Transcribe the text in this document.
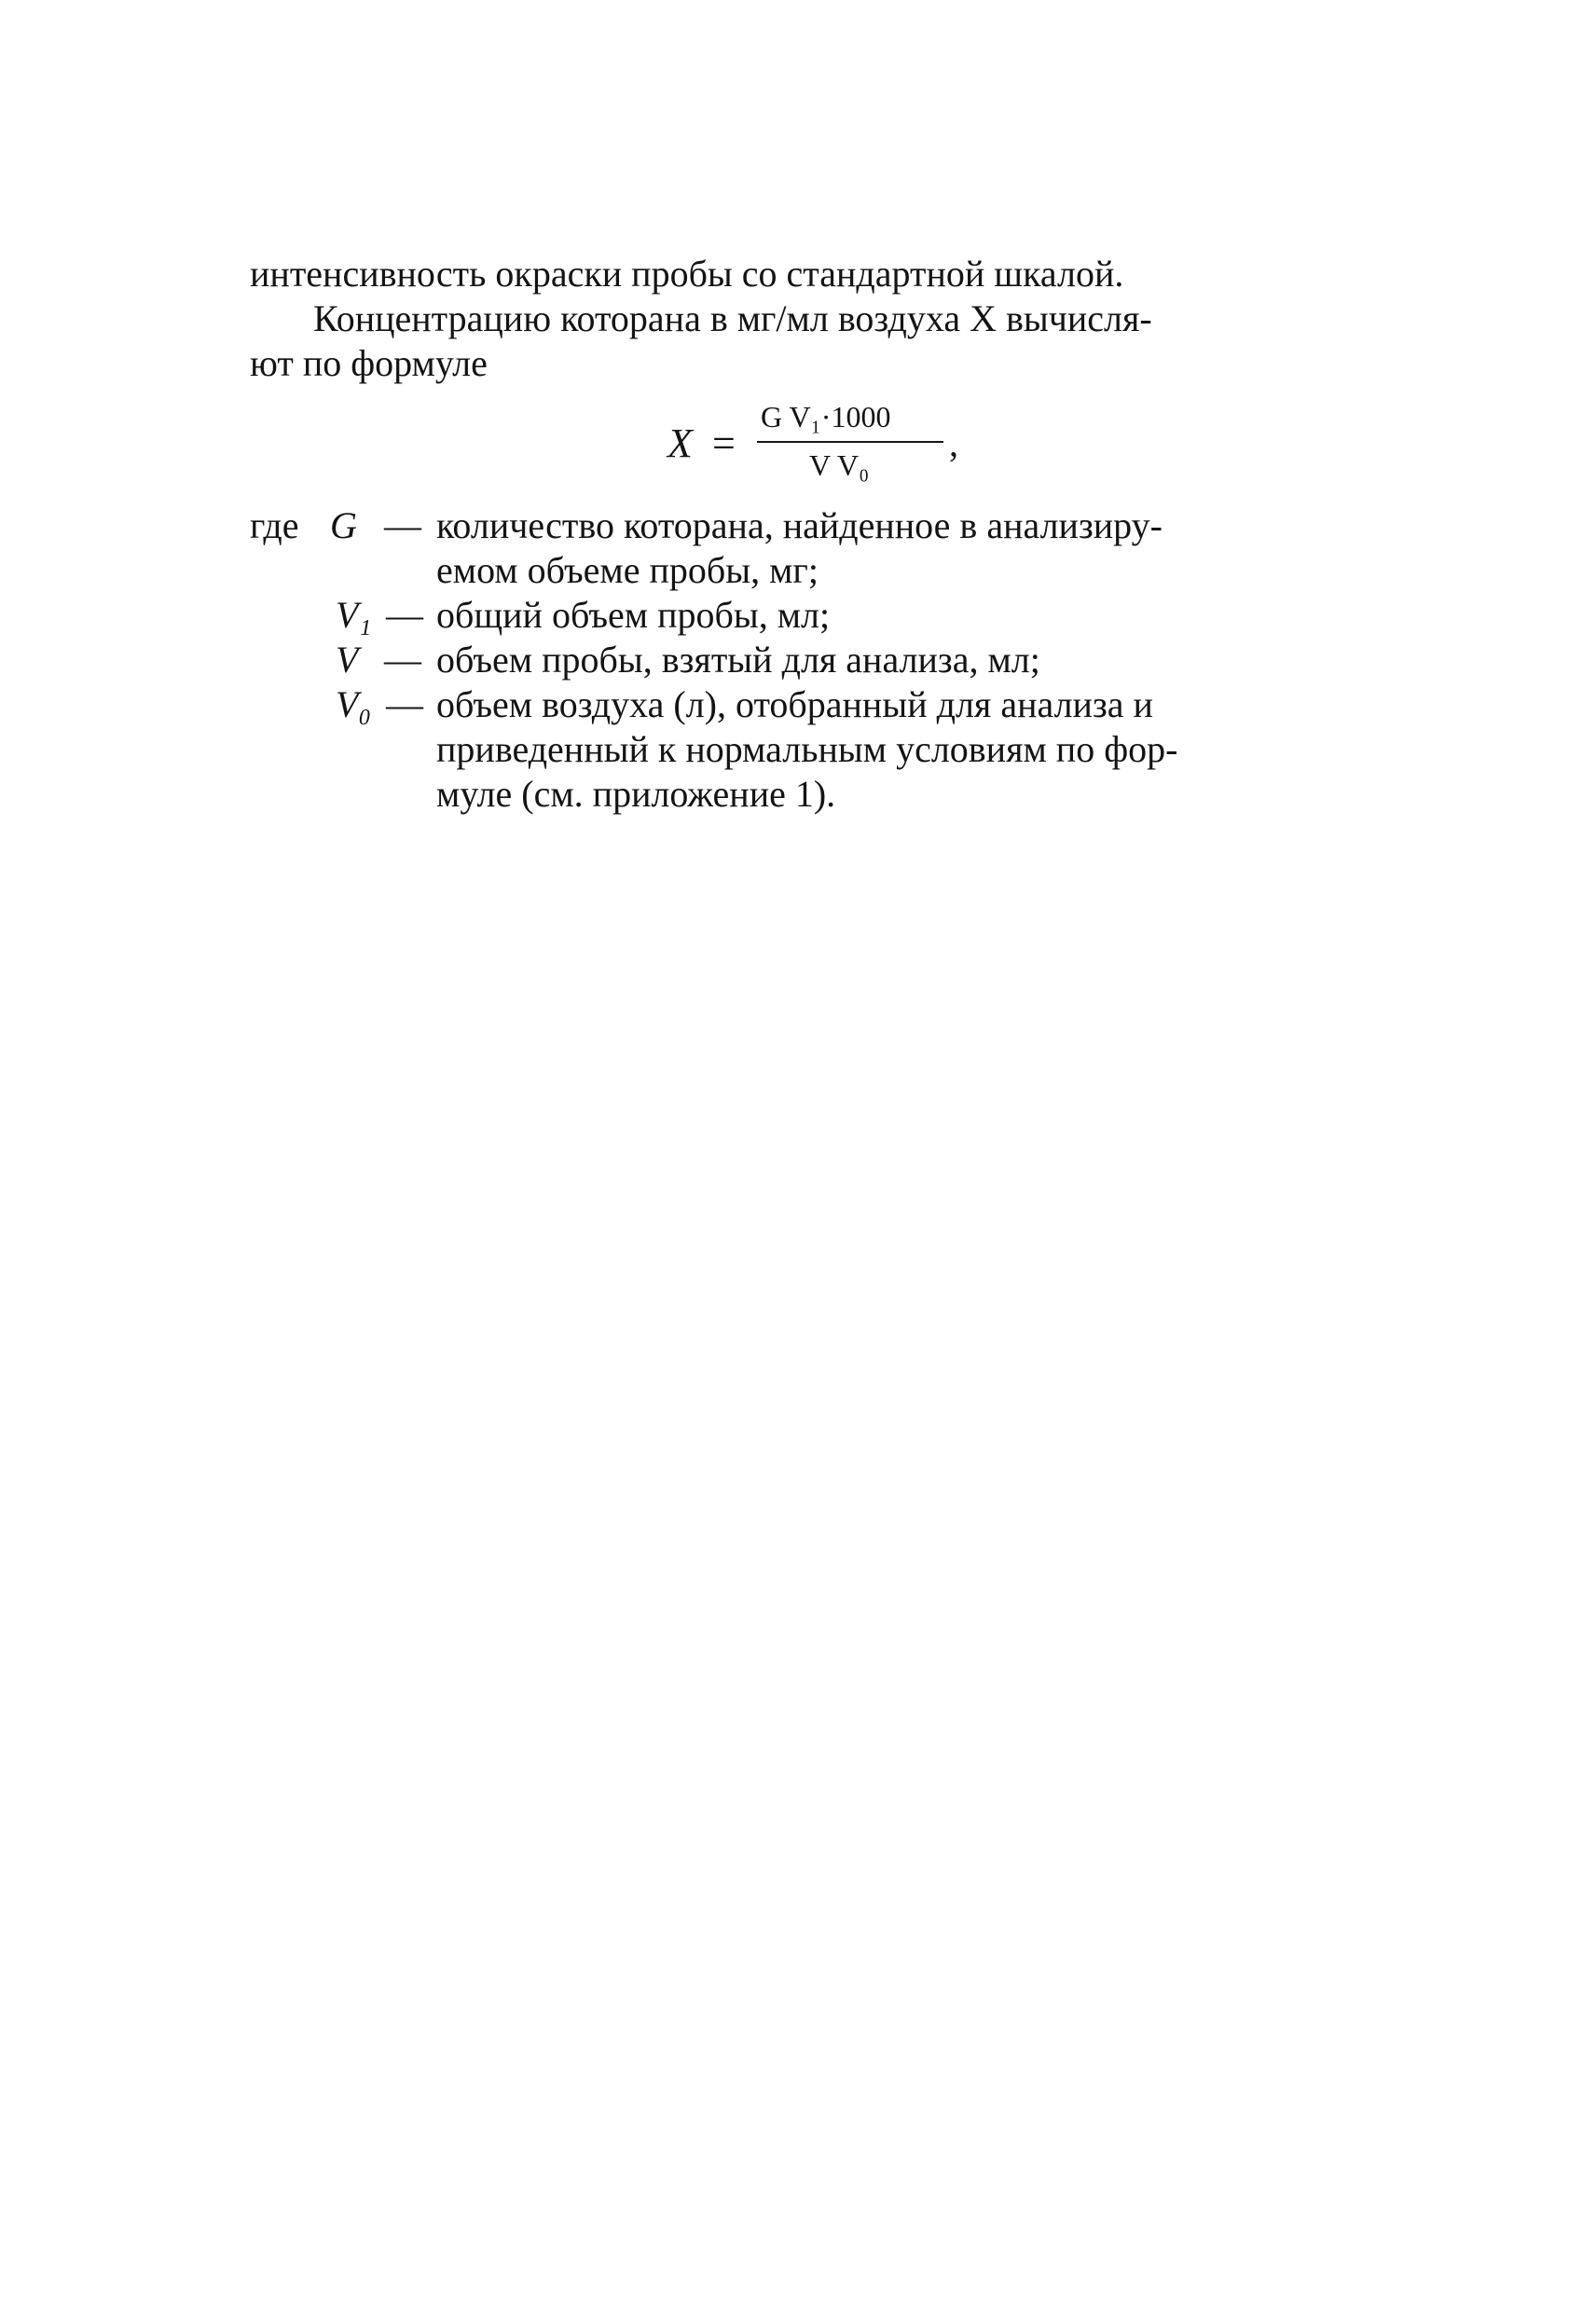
интенсивность окраски пробы со стандартной шкалой.
Концентрацию которана в мг/мл воздуха X вычисля-
ют по формуле
X =
G V₁·1000
V V₀
,
где G — количество которана, найденное в анализиру-
емом объеме пробы, мг;
V₁ — общий объем пробы, мл;
V — объем пробы, взятый для анализа, мл;
V₀ — объем воздуха (л), отобранный для анализа и
приведенный к нормальным условиям по фор-
муле (см. приложение 1).
